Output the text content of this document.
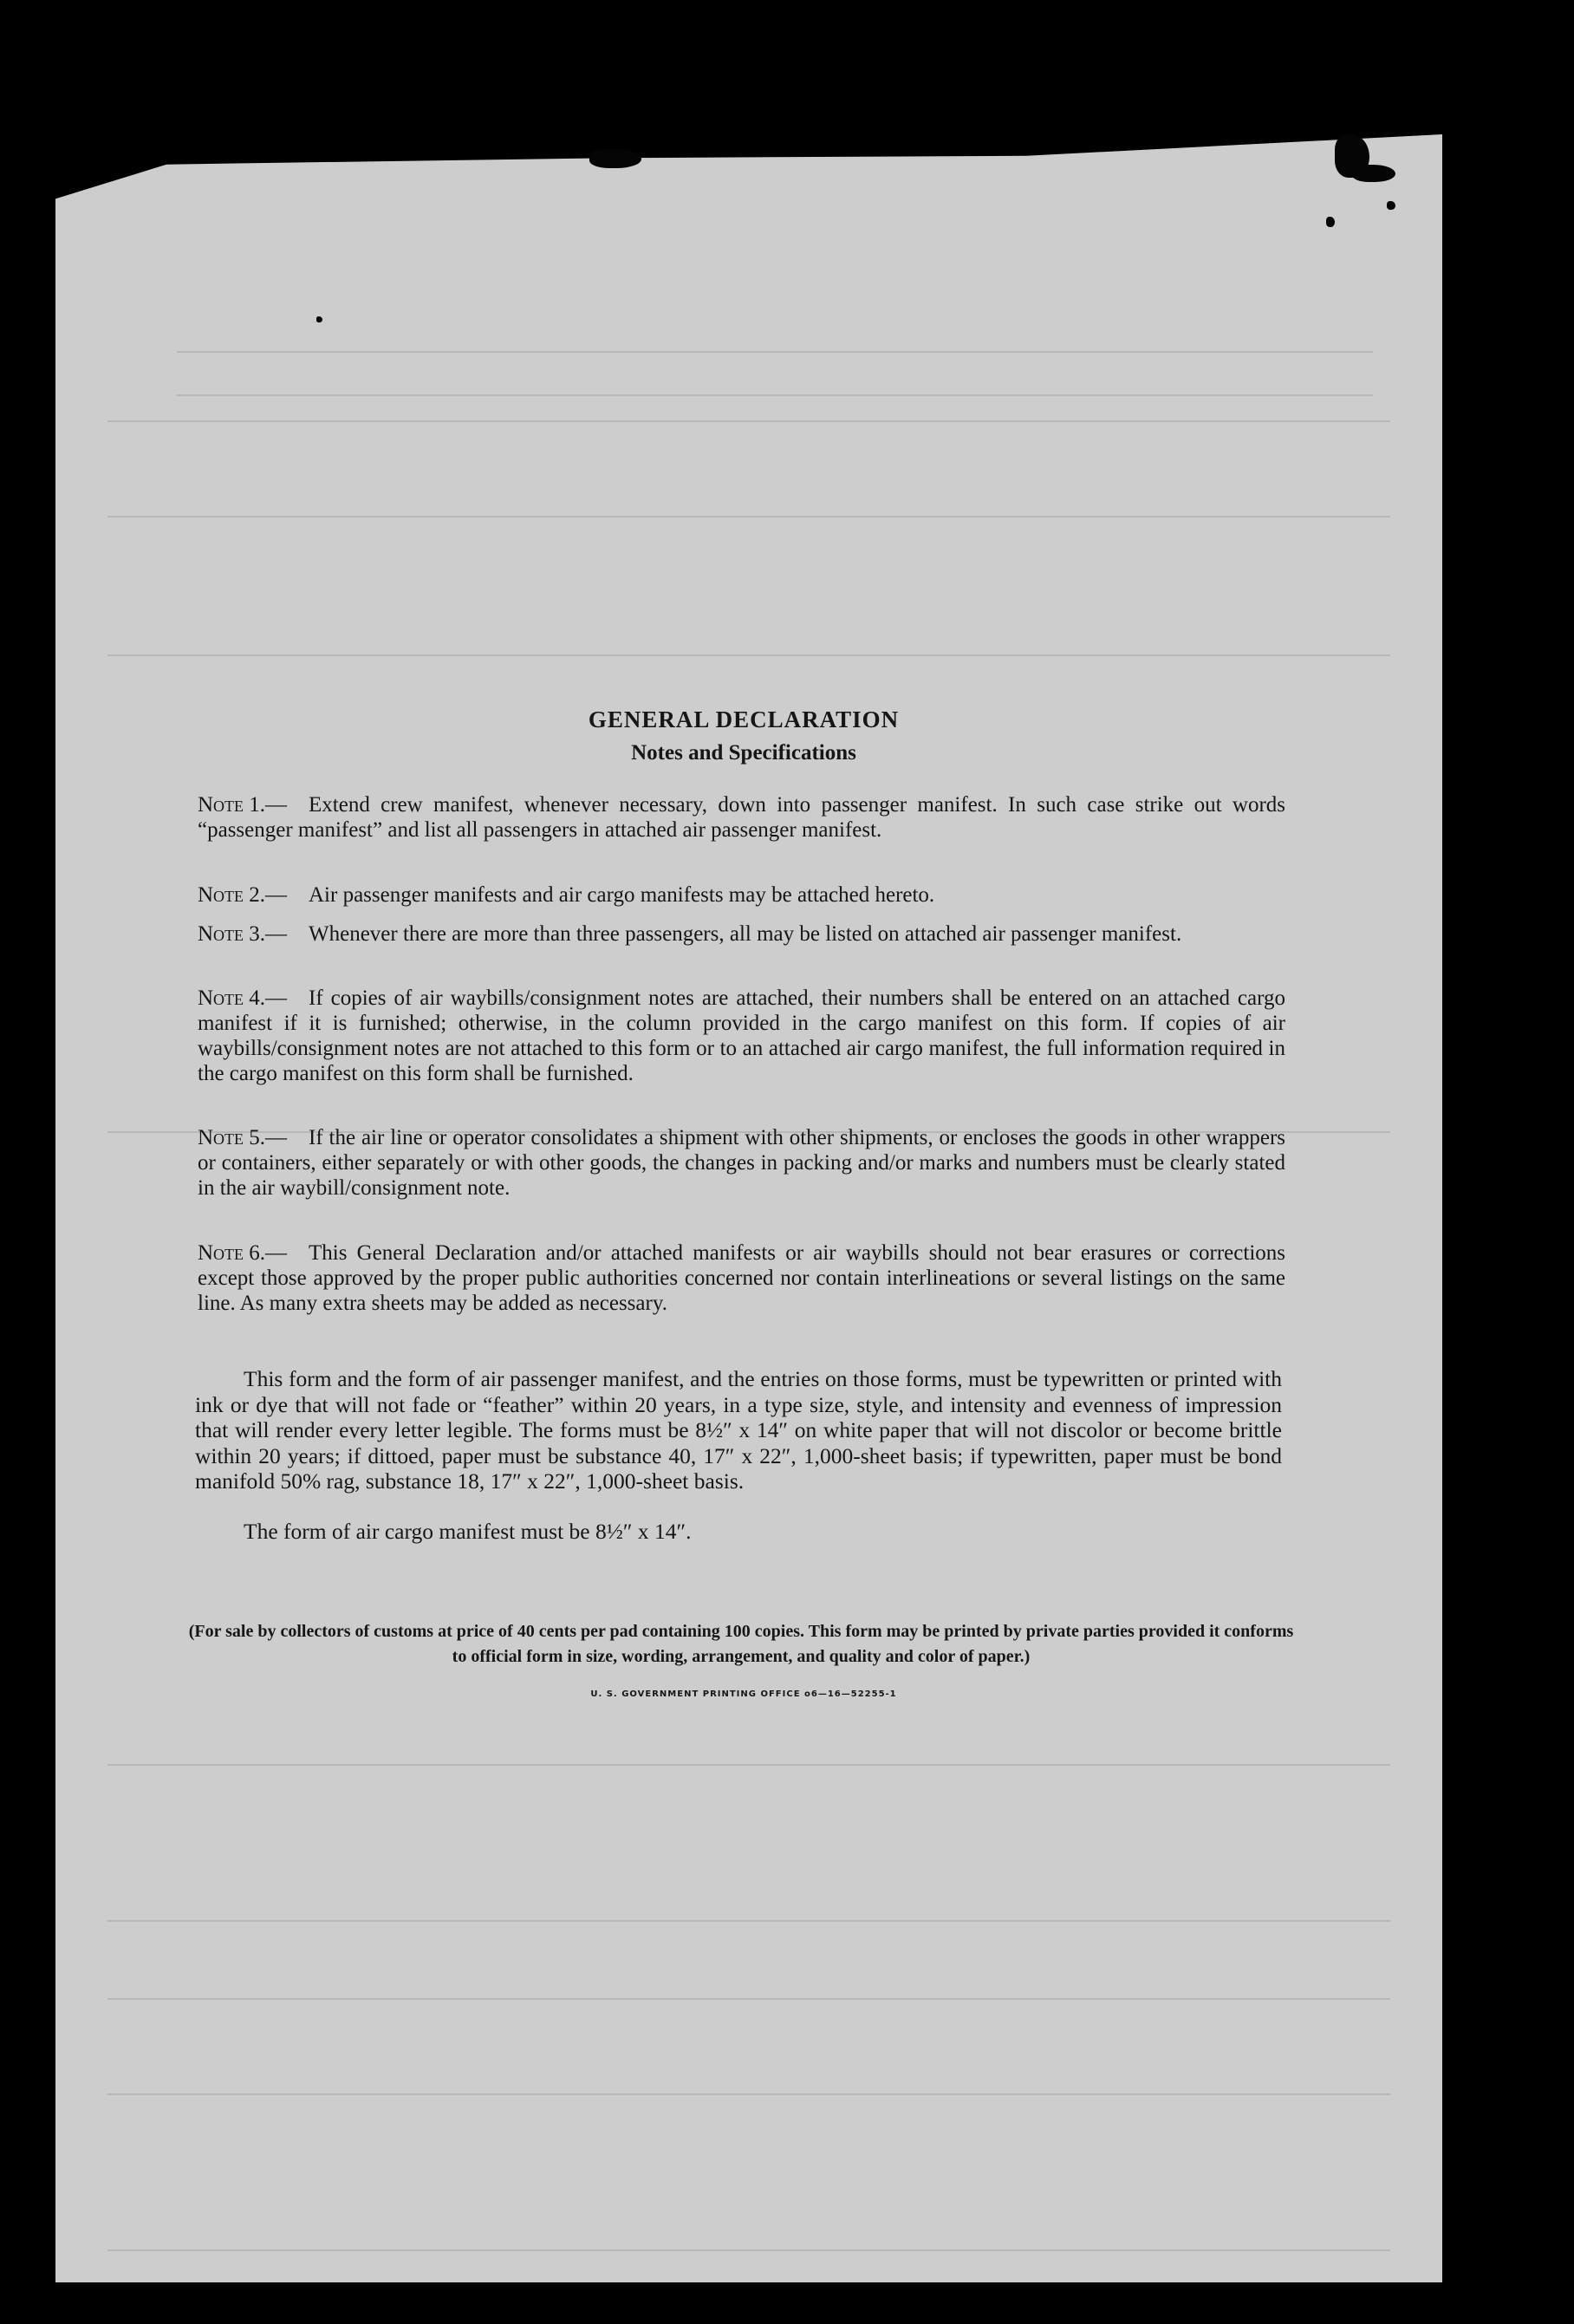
GENERAL DECLARATION
Notes and Specifications
Note 1.— Extend crew manifest, whenever necessary, down into passenger manifest. In such case strike out words “passenger manifest” and list all passengers in attached air passenger manifest.
Note 2.— Air passenger manifests and air cargo manifests may be attached hereto.
Note 3.— Whenever there are more than three passengers, all may be listed on attached air passenger manifest.
Note 4.— If copies of air waybills/consignment notes are attached, their numbers shall be entered on an attached cargo manifest if it is furnished; otherwise, in the column provided in the cargo manifest on this form. If copies of air waybills/consignment notes are not attached to this form or to an attached air cargo manifest, the full information required in the cargo manifest on this form shall be furnished.
Note 5.— If the air line or operator consolidates a shipment with other shipments, or encloses the goods in other wrappers or containers, either separately or with other goods, the changes in packing and/or marks and numbers must be clearly stated in the air waybill/consignment note.
Note 6.— This General Declaration and/or attached manifests or air waybills should not bear erasures or corrections except those approved by the proper public authorities concerned nor contain interlineations or several listings on the same line. As many extra sheets may be added as necessary.
This form and the form of air passenger manifest, and the entries on those forms, must be typewritten or printed with ink or dye that will not fade or “feather” within 20 years, in a type size, style, and intensity and evenness of impression that will render every letter legible. The forms must be 8½″ x 14″ on white paper that will not discolor or become brittle within 20 years; if dittoed, paper must be substance 40, 17″ x 22″, 1,000-sheet basis; if typewritten, paper must be bond manifold 50% rag, substance 18, 17″ x 22″, 1,000-sheet basis.
The form of air cargo manifest must be 8½″ x 14″.
(For sale by collectors of customs at price of 40 cents per pad containing 100 copies. This form may be printed by private parties provided it conforms to official form in size, wording, arrangement, and quality and color of paper.)
U. S. GOVERNMENT PRINTING OFFICE o6—16—52255-1
